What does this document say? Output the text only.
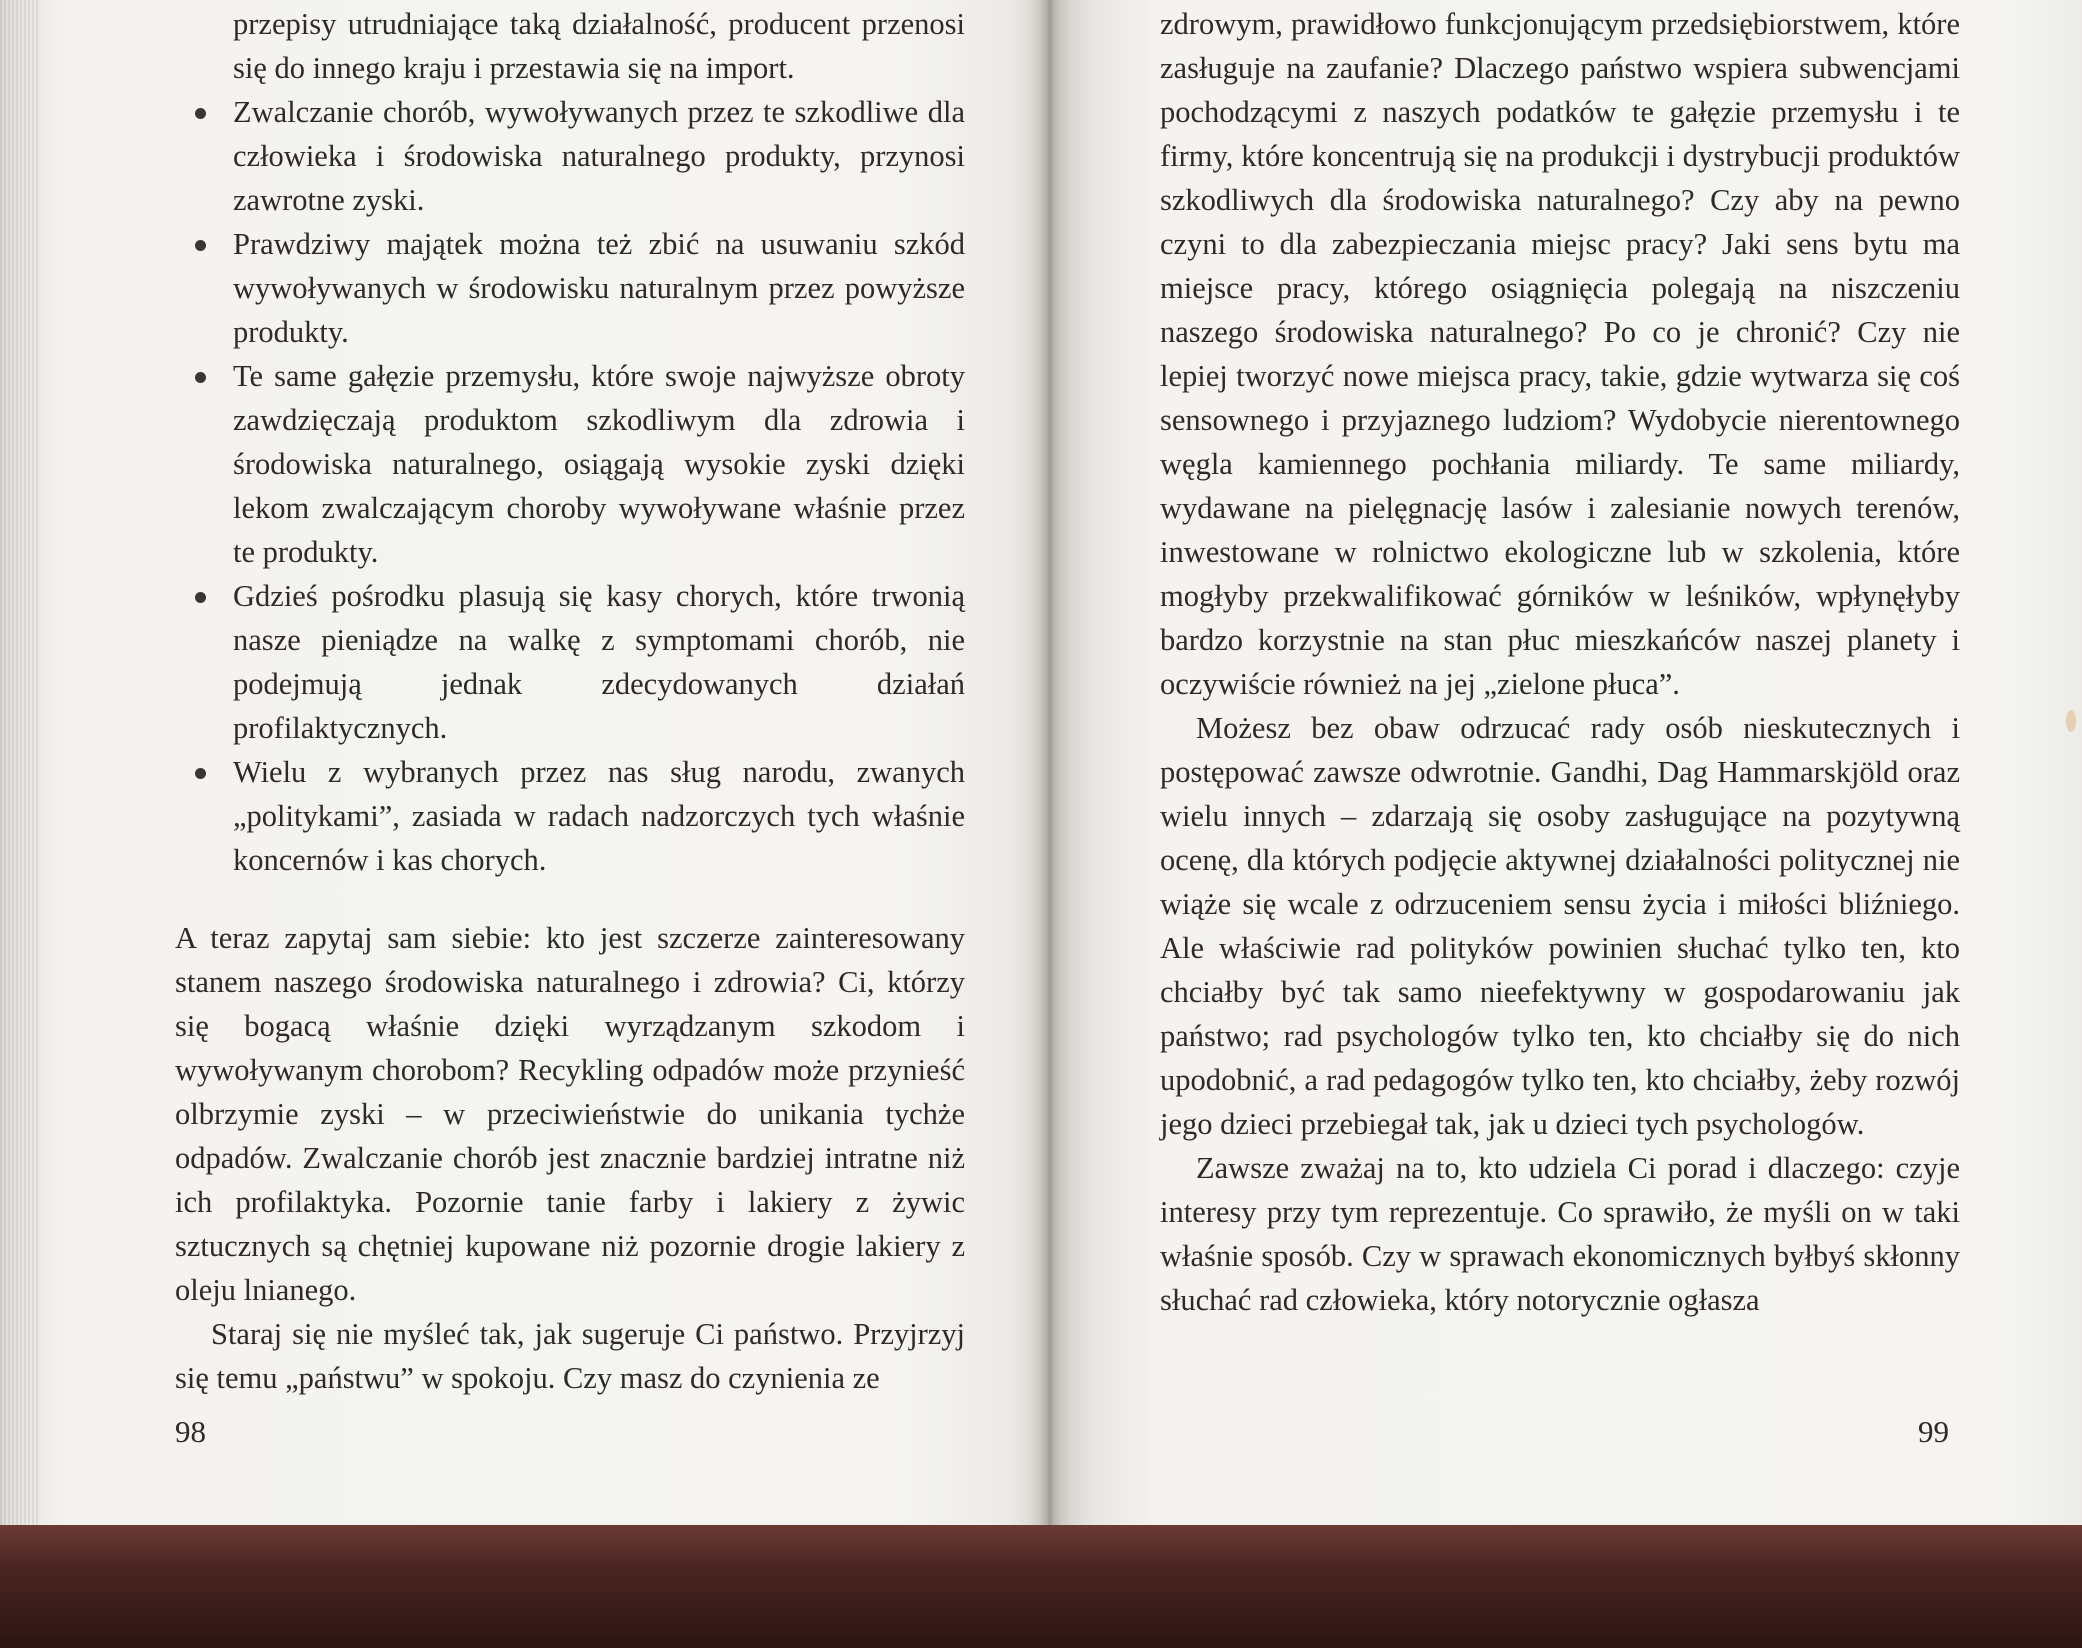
przepisy utrudniające taką działalność, producent przenosi się do innego kraju i przestawia się na import.
Zwalczanie chorób, wywoływanych przez te szkodliwe dla człowieka i środowiska naturalnego produkty, przynosi zawrotne zyski.
Prawdziwy majątek można też zbić na usuwaniu szkód wywoływanych w środowisku naturalnym przez powyższe produkty.
Te same gałęzie przemysłu, które swoje najwyższe obroty zawdzięczają produktom szkodliwym dla zdrowia i środowiska naturalnego, osiągają wysokie zyski dzięki lekom zwalczającym choroby wywoływane właśnie przez te produkty.
Gdzieś pośrodku plasują się kasy chorych, które trwonią nasze pieniądze na walkę z symptomami chorób, nie podejmują jednak zdecydowanych działań profilaktycznych.
Wielu z wybranych przez nas sług narodu, zwanych „politykami”, zasiada w radach nadzorczych tych właśnie koncernów i kas chorych.

A teraz zapytaj sam siebie: kto jest szczerze zainteresowany stanem naszego środowiska naturalnego i zdrowia? Ci, którzy się bogacą właśnie dzięki wyrządzanym szkodom i wywoływanym chorobom? Recykling odpadów może przynieść olbrzymie zyski – w przeciwieństwie do unikania tychże odpadów. Zwalczanie chorób jest znacznie bardziej intratne niż ich profilaktyka. Pozornie tanie farby i lakiery z żywic sztucznych są chętniej kupowane niż pozornie drogie lakiery z oleju lnianego.

Staraj się nie myśleć tak, jak sugeruje Ci państwo. Przyjrzyj się temu „państwu” w spokoju. Czy masz do czynienia ze

98

zdrowym, prawidłowo funkcjonującym przedsiębiorstwem, które zasługuje na zaufanie? Dlaczego państwo wspiera subwencjami pochodzącymi z naszych podatków te gałęzie przemysłu i te firmy, które koncentrują się na produkcji i dystrybucji produktów szkodliwych dla środowiska naturalnego? Czy aby na pewno czyni to dla zabezpieczania miejsc pracy? Jaki sens bytu ma miejsce pracy, którego osiągnięcia polegają na niszczeniu naszego środowiska naturalnego? Po co je chronić? Czy nie lepiej tworzyć nowe miejsca pracy, takie, gdzie wytwarza się coś sensownego i przyjaznego ludziom? Wydobycie nierentownego węgla kamiennego pochłania miliardy. Te same miliardy, wydawane na pielęgnację lasów i zalesianie nowych terenów, inwestowane w rolnictwo ekologiczne lub w szkolenia, które mogłyby przekwalifikować górników w leśników, wpłynęłyby bardzo korzystnie na stan płuc mieszkańców naszej planety i oczywiście również na jej „zielone płuca”.

Możesz bez obaw odrzucać rady osób nieskutecznych i postępować zawsze odwrotnie. Gandhi, Dag Hammarskjöld oraz wielu innych – zdarzają się osoby zasługujące na pozytywną ocenę, dla których podjęcie aktywnej działalności politycznej nie wiąże się wcale z odrzuceniem sensu życia i miłości bliźniego. Ale właściwie rad polityków powinien słuchać tylko ten, kto chciałby być tak samo nieefektywny w gospodarowaniu jak państwo; rad psychologów tylko ten, kto chciałby się do nich upodobnić, a rad pedagogów tylko ten, kto chciałby, żeby rozwój jego dzieci przebiegał tak, jak u dzieci tych psychologów.

Zawsze zważaj na to, kto udziela Ci porad i dlaczego: czyje interesy przy tym reprezentuje. Co sprawiło, że myśli on w taki właśnie sposób. Czy w sprawach ekonomicznych byłbyś skłonny słuchać rad człowieka, który notorycznie ogłasza

99
